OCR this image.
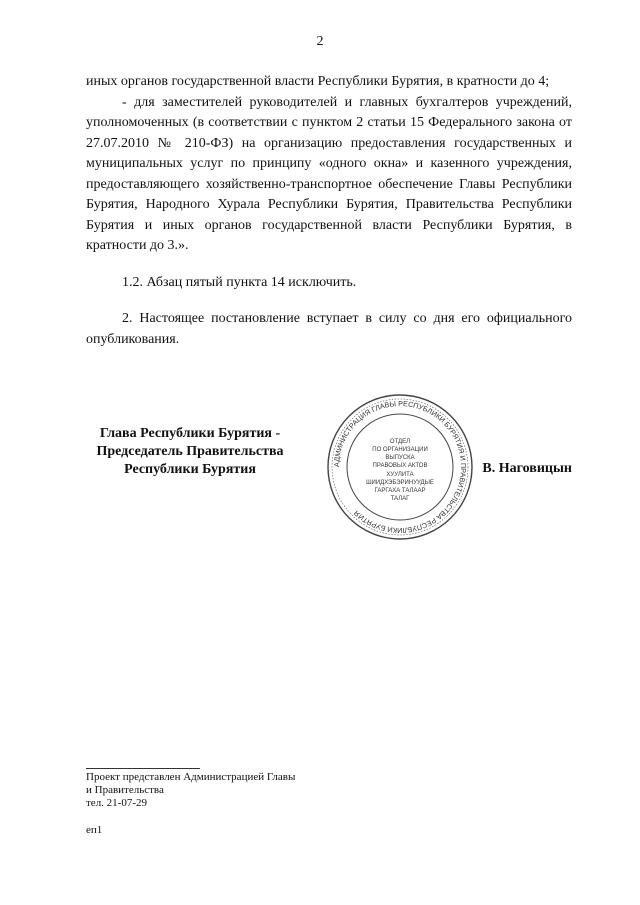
2

иных органов государственной власти Республики Бурятия, в кратности до 4;

- для заместителей руководителей и главных бухгалтеров учреждений, уполномоченных (в соответствии с пунктом 2 статьи 15 Федерального закона от 27.07.2010 № 210-ФЗ) на организацию предоставления государственных и муниципальных услуг по принципу «одного окна» и казенного учреждения, предоставляющего хозяйственно-транспортное обеспечение Главы Республики Бурятия, Народного Хурала Республики Бурятия, Правительства Республики Бурятия и иных органов государственной власти Республики Бурятия, в кратности до 3.».

1.2. Абзац пятый пункта 14 исключить.

2. Настоящее постановление вступает в силу со дня его официального опубликования.

Глава Республики Бурятия -
Председатель Правительства
Республики Бурятия	АДМИНИСТРАЦИЯ ГЛАВЫ РЕСПУБЛИКИ БУРЯТИЯ И ПРАВИТЕЛЬСТВА РЕСПУБЛИКИ БУРЯТИЯ
ОТДЕЛ
ПО ОРГАНИЗАЦИИ
ВЫПУСКА
ПРАВОВЫХ АКТОВ
ХУУЛИТА
ШИИДХЭБЭРИНУУДЫЕ
ГАРГАХА ТАЛААР
ТАЛАГ
В. Наговицын
Проект представлен Администрацией Главы
и Правительства
тел. 21-07-29
еп1
